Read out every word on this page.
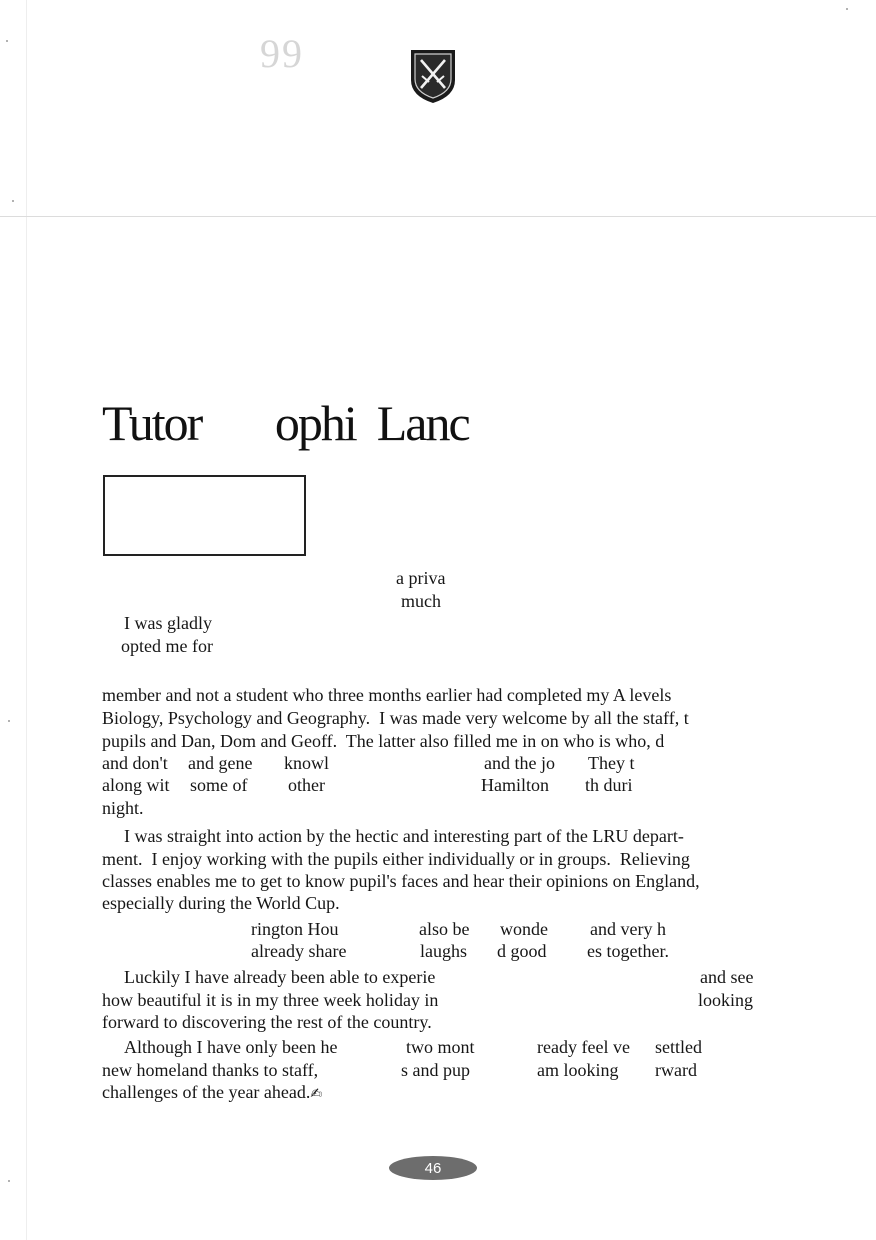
99
Tutor       ophi  Lanc
a priva
much
I was gladly
opted me for
member and not a student who three months earlier had completed my A levels
Biology, Psychology and Geography.  I was made very welcome by all the staff, t
pupils and Dan, Dom and Geoff.  The latter also filled me in on who is who, d
and don't and gene knowl	and the jo They t
along wit some of other	Hamilton th duri
night.
I was straight into action by the hectic and interesting part of the LRU depart-
ment.  I enjoy working with the pupils either individually or in groups.  Relieving
classes enables me to get to know pupil's faces and hear their opinions on England,
especially during the World Cup.
rington Hou	also be wonde and very h
already share	laughs d good es together.
Luckily I have already been able to experie	and see
how beautiful it is in my three week holiday in	looking
forward to discovering the rest of the country.
Although I have only been he	two mont	ready feel ve settled
new homeland thanks to staff,	s and pup	am looking rward
challenges of the year ahead.✍
46
